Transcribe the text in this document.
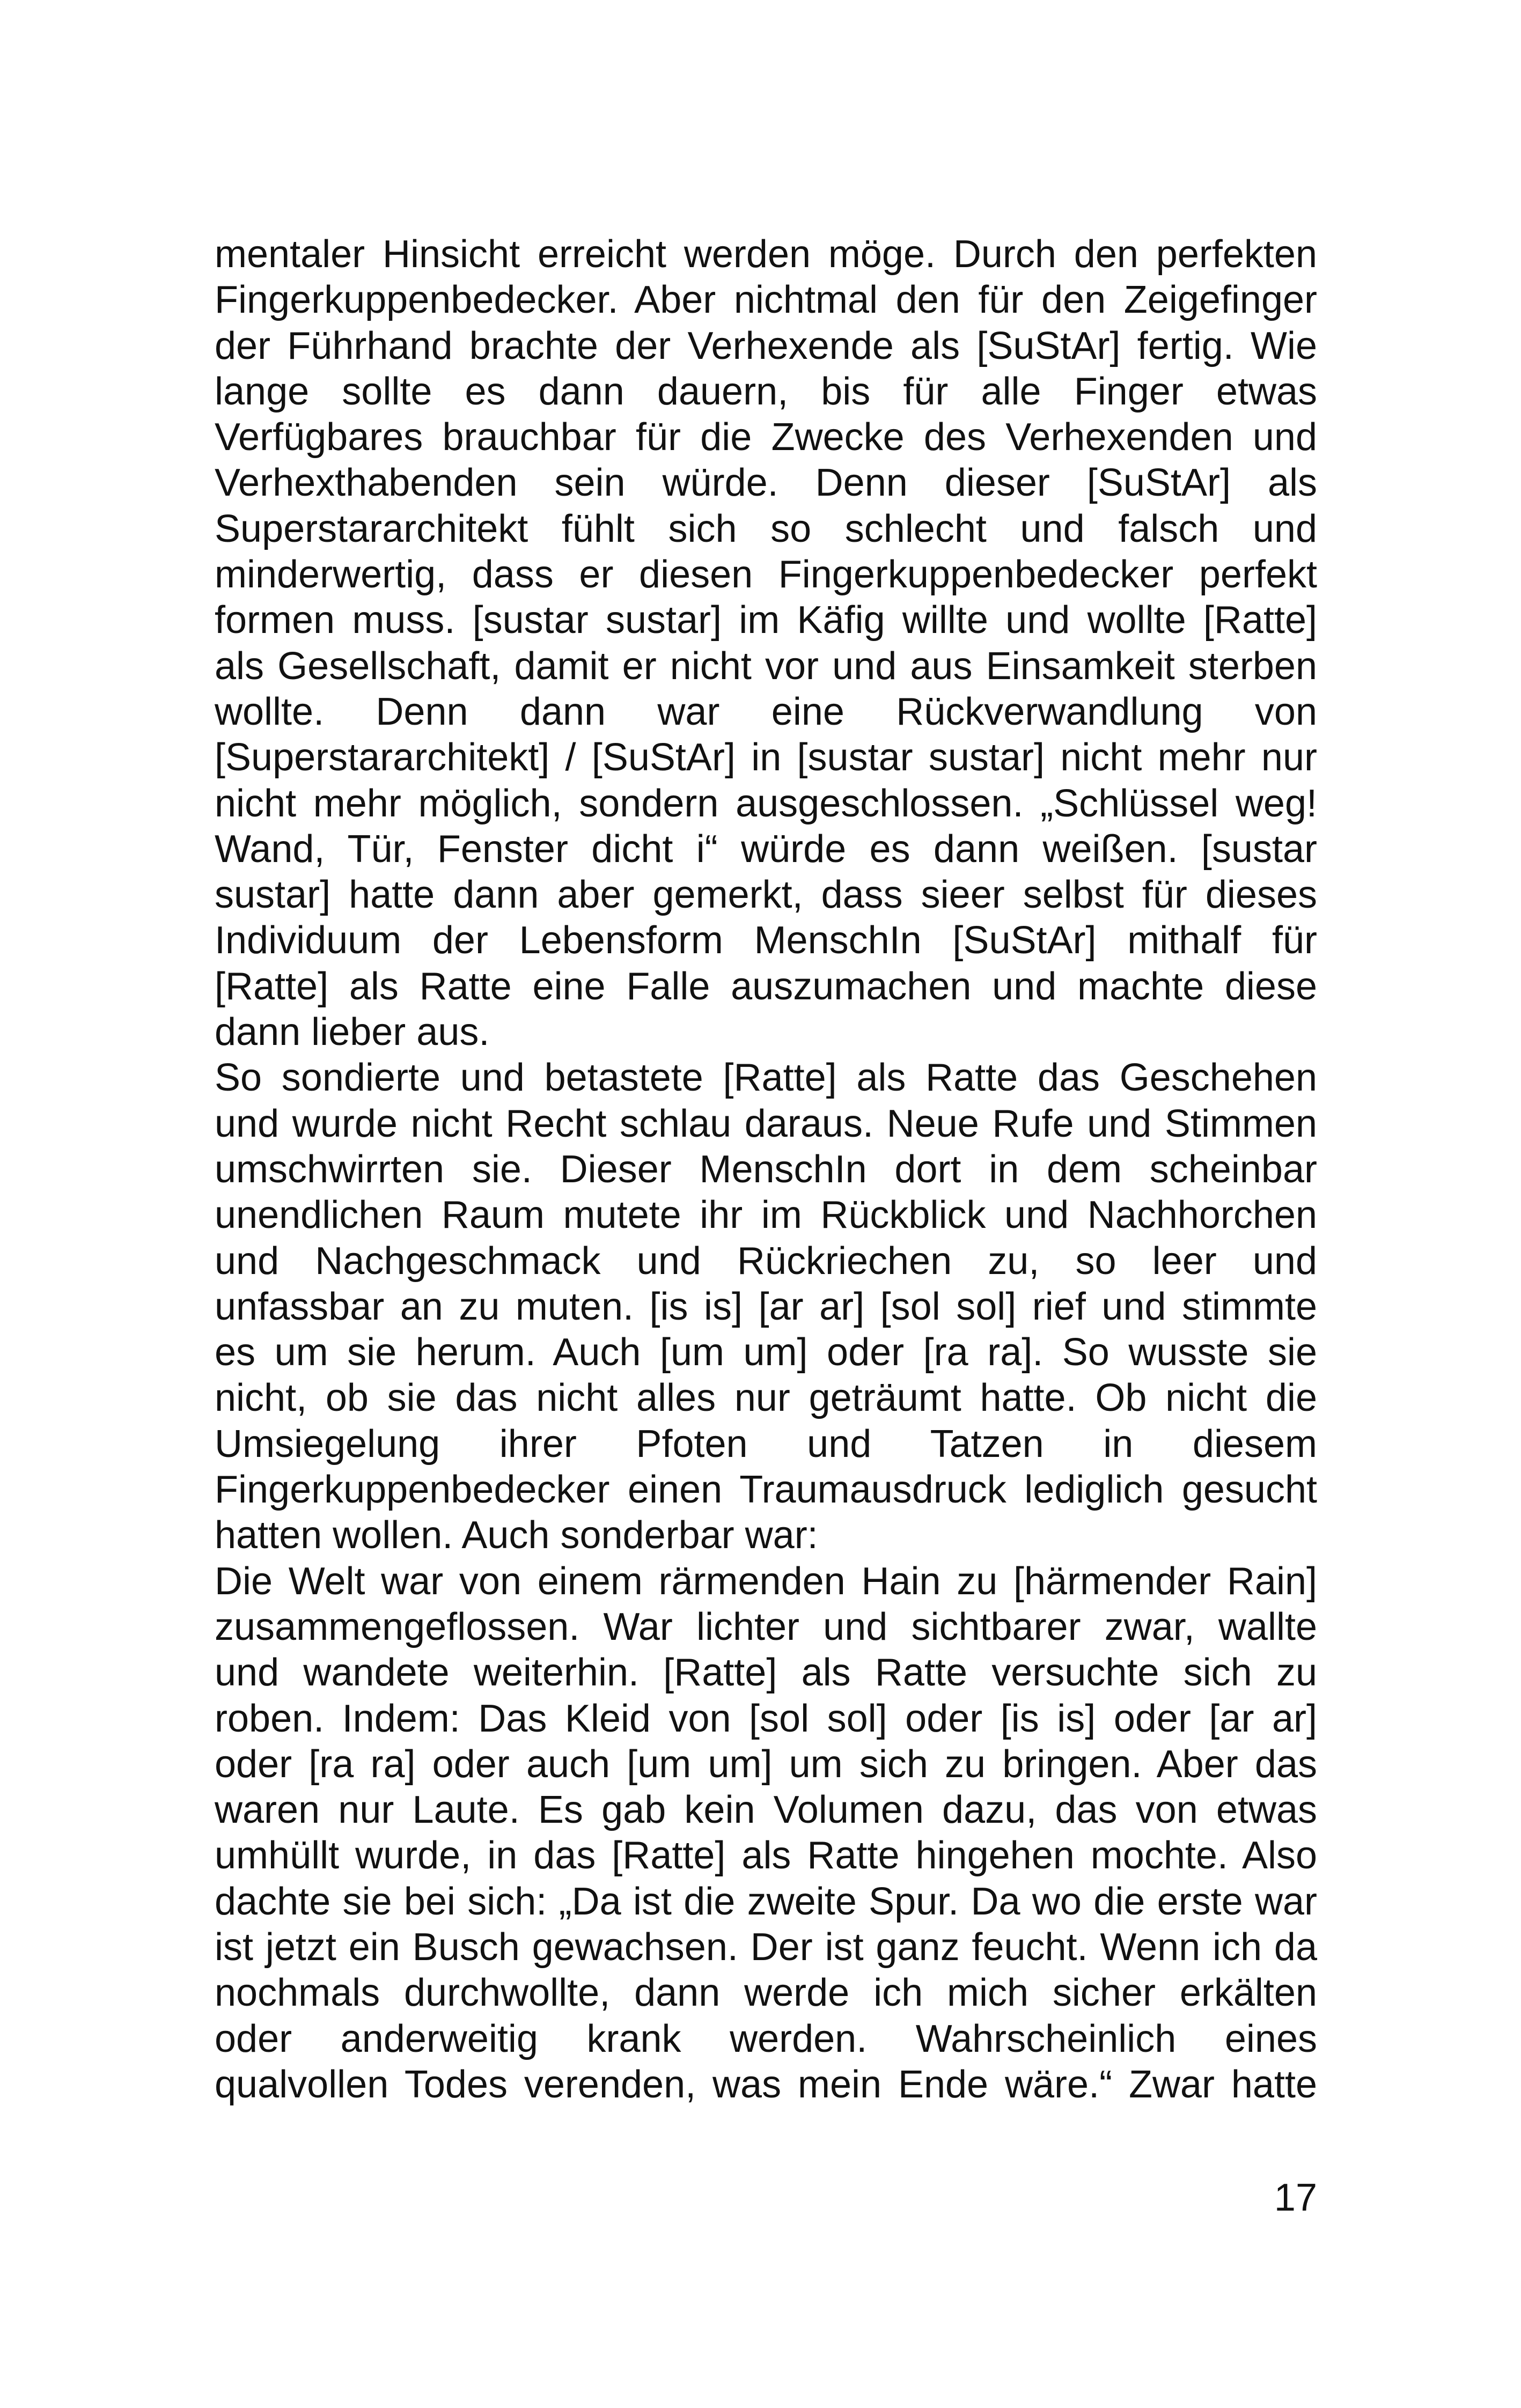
mentaler Hinsicht erreicht werden möge. Durch den perfekten
Fingerkuppenbedecker. Aber nichtmal den für den Zeigefinger
der Führhand brachte der Verhexende als [SuStAr] fertig. Wie
lange sollte es dann dauern, bis für alle Finger etwas
Verfügbares brauchbar für die Zwecke des Verhexenden und
Verhexthabenden sein würde. Denn dieser [SuStAr] als
Superstararchitekt fühlt sich so schlecht und falsch und
minderwertig, dass er diesen Fingerkuppenbedecker perfekt
formen muss. [sustar sustar] im Käfig willte und wollte [Ratte]
als Gesellschaft, damit er nicht vor und aus Einsamkeit sterben
wollte. Denn dann war eine Rückverwandlung von
[Superstararchitekt] / [SuStAr] in [sustar sustar] nicht mehr nur
nicht mehr möglich, sondern ausgeschlossen. „Schlüssel weg!
Wand, Tür, Fenster dicht i“ würde es dann weißen. [sustar
sustar] hatte dann aber gemerkt, dass sieer selbst für dieses
Individuum der Lebensform MenschIn [SuStAr] mithalf für
[Ratte] als Ratte eine Falle auszumachen und machte diese
dann lieber aus.
So sondierte und betastete [Ratte] als Ratte das Geschehen
und wurde nicht Recht schlau daraus. Neue Rufe und Stimmen
umschwirrten sie. Dieser MenschIn dort in dem scheinbar
unendlichen Raum mutete ihr im Rückblick und Nachhorchen
und Nachgeschmack und Rückriechen zu, so leer und
unfassbar an zu muten. [is is] [ar ar] [sol sol] rief und stimmte
es um sie herum. Auch [um um] oder [ra ra]. So wusste sie
nicht, ob sie das nicht alles nur geträumt hatte. Ob nicht die
Umsiegelung ihrer Pfoten und Tatzen in diesem
Fingerkuppenbedecker einen Traumausdruck lediglich gesucht
hatten wollen. Auch sonderbar war:
Die Welt war von einem rärmenden Hain zu [härmender Rain]
zusammengeflossen. War lichter und sichtbarer zwar, wallte
und wandete weiterhin. [Ratte] als Ratte versuchte sich zu
roben. Indem: Das Kleid von [sol sol] oder [is is] oder [ar ar]
oder [ra ra] oder auch [um um] um sich zu bringen. Aber das
waren nur Laute. Es gab kein Volumen dazu, das von etwas
umhüllt wurde, in das [Ratte] als Ratte hingehen mochte. Also
dachte sie bei sich: „Da ist die zweite Spur. Da wo die erste war
ist jetzt ein Busch gewachsen. Der ist ganz feucht. Wenn ich da
nochmals durchwollte, dann werde ich mich sicher erkälten
oder anderweitig krank werden. Wahrscheinlich eines
qualvollen Todes verenden, was mein Ende wäre.“ Zwar hatte
17
